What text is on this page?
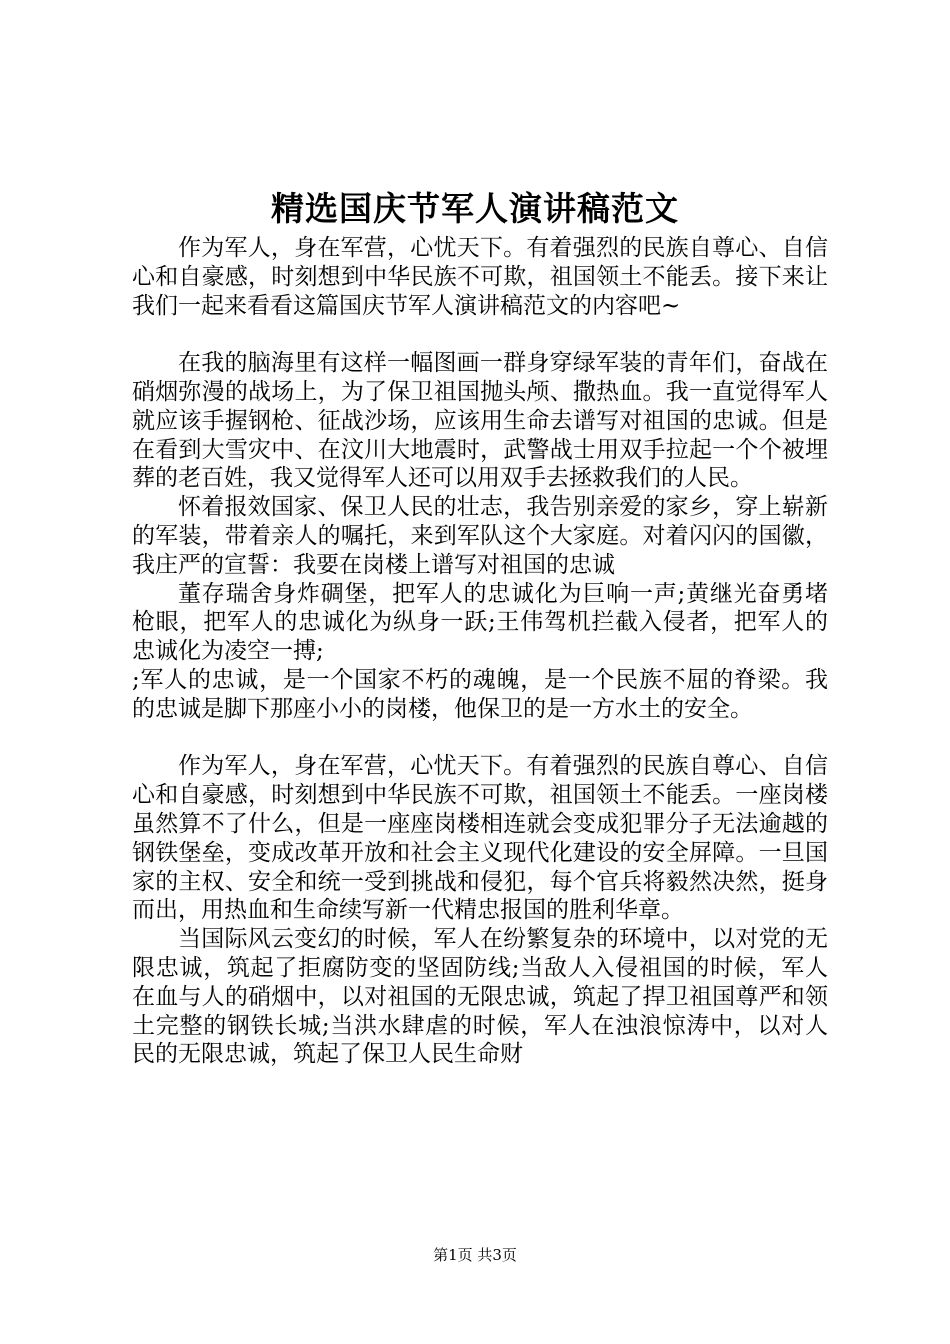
精选国庆节军人演讲稿范文

作为军人，身在军营，心忧天下。有着强烈的民族自尊心、自信心和自豪感，时刻想到中华民族不可欺，祖国领土不能丢。接下来让我们一起来看看这篇国庆节军人演讲稿范文的内容吧~

在我的脑海里有这样一幅图画一群身穿绿军装的青年们，奋战在硝烟弥漫的战场上，为了保卫祖国抛头颅、撒热血。我一直觉得军人就应该手握钢枪、征战沙场，应该用生命去谱写对祖国的忠诚。但是在看到大雪灾中、在汶川大地震时，武警战士用双手拉起一个个被埋葬的老百姓，我又觉得军人还可以用双手去拯救我们的人民。

怀着报效国家、保卫人民的壮志，我告别亲爱的家乡，穿上崭新的军装，带着亲人的嘱托，来到军队这个大家庭。对着闪闪的国徽，我庄严的宣誓：我要在岗楼上谱写对祖国的忠诚

董存瑞舍身炸碉堡，把军人的忠诚化为巨响一声;黄继光奋勇堵枪眼，把军人的忠诚化为纵身一跃;王伟驾机拦截入侵者，把军人的忠诚化为凌空一搏;

;军人的忠诚，是一个国家不朽的魂魄，是一个民族不屈的脊梁。我的忠诚是脚下那座小小的岗楼，他保卫的是一方水土的安全。

作为军人，身在军营，心忧天下。有着强烈的民族自尊心、自信心和自豪感，时刻想到中华民族不可欺，祖国领土不能丢。一座岗楼虽然算不了什么，但是一座座岗楼相连就会变成犯罪分子无法逾越的钢铁堡垒，变成改革开放和社会主义现代化建设的安全屏障。一旦国家的主权、安全和统一受到挑战和侵犯，每个官兵将毅然决然，挺身而出，用热血和生命续写新一代精忠报国的胜利华章。

当国际风云变幻的时候，军人在纷繁复杂的环境中，以对党的无限忠诚，筑起了拒腐防变的坚固防线;当敌人入侵祖国的时候，军人在血与人的硝烟中，以对祖国的无限忠诚，筑起了捍卫祖国尊严和领土完整的钢铁长城;当洪水肆虐的时候，军人在浊浪惊涛中，以对人民的无限忠诚，筑起了保卫人民生命财

第1页 共3页
